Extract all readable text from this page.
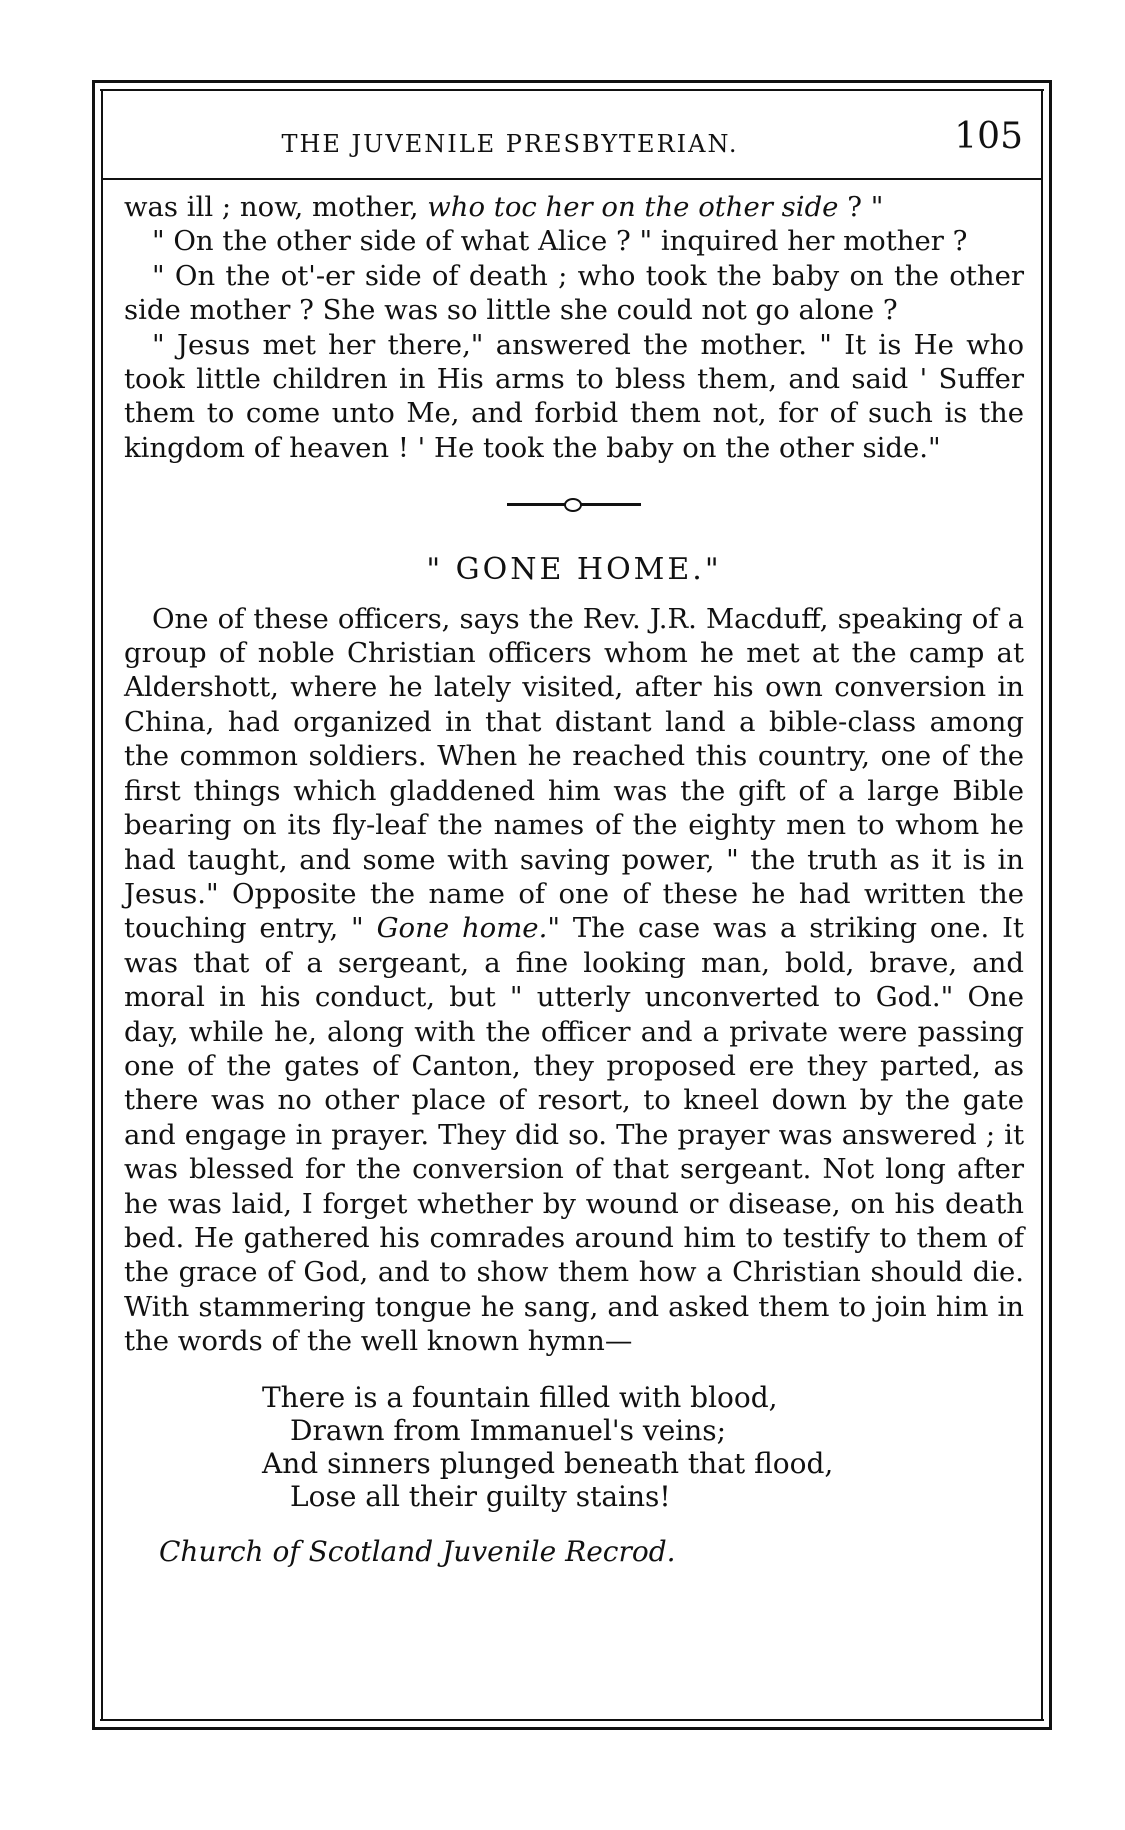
THE JUVENILE PRESBYTERIAN.	105

was ill ; now, mother, who toc her on the other side ? "

" On the other side of what Alice ? " inquired her mother ?

" On the ot'-er side of death ; who took the baby on the other side mother ? She was so little she could not go alone ?

" Jesus met her there," answered the mother. " It is He who took little children in His arms to bless them, and said ' Suffer them to come unto Me, and forbid them not, for of such is the kingdom of heaven ! ' He took the baby on the other side."

" GONE HOME."

One of these officers, says the Rev. J.R. Macduff, speaking of a group of noble Christian officers whom he met at the camp at Aldershott, where he lately visited, after his own conversion in China, had organized in that distant land a bible-class among the common soldiers. When he reached this country, one of the first things which gladdened him was the gift of a large Bible bearing on its fly-leaf the names of the eighty men to whom he had taught, and some with saving power, " the truth as it is in Jesus." Opposite the name of one of these he had written the touching entry, " Gone home." The case was a striking one. It was that of a sergeant, a fine looking man, bold, brave, and moral in his conduct, but " utterly unconverted to God." One day, while he, along with the officer and a private were passing one of the gates of Canton, they proposed ere they parted, as there was no other place of resort, to kneel down by the gate and engage in prayer. They did so. The prayer was answered ; it was blessed for the conversion of that sergeant. Not long after he was laid, I forget whether by wound or disease, on his death bed. He gathered his comrades around him to testify to them of the grace of God, and to show them how a Christian should die. With stammering tongue he sang, and asked them to join him in the words of the well known hymn—

There is a fountain filled with blood,
Drawn from Immanuel's veins;
And sinners plunged beneath that flood,
Lose all their guilty stains!
Church of Scotland Juvenile Recrod.
